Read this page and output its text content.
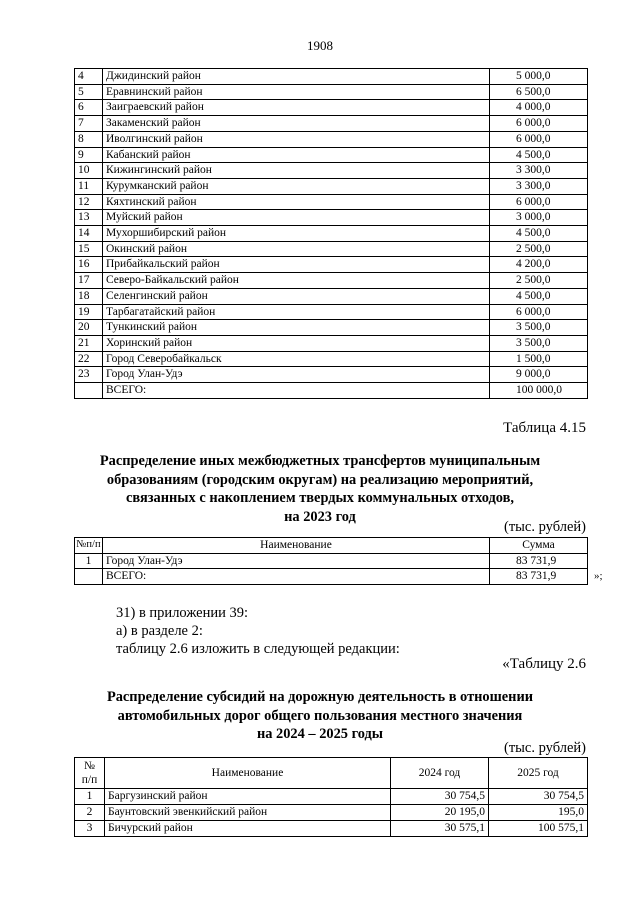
1908
4	Джидинский район	5 000,0
5	Еравнинский район	6 500,0
6	Заиграевский район	4 000,0
7	Закаменский район	6 000,0
8	Иволгинский район	6 000,0
9	Кабанский район	4 500,0
10	Кижингинский район	3 300,0
11	Курумканский район	3 300,0
12	Кяхтинский район	6 000,0
13	Муйский район	3 000,0
14	Мухоршибирский район	4 500,0
15	Окинский район	2 500,0
16	Прибайкальский район	4 200,0
17	Северо-Байкальский район	2 500,0
18	Селенгинский район	4 500,0
19	Тарбагатайский район	6 000,0
20	Тункинский район	3 500,0
21	Хоринский район	3 500,0
22	Город Северобайкальск	1 500,0
23	Город Улан-Удэ	9 000,0
	ВСЕГО:	100 000,0
Таблица 4.15
Распределение иных межбюджетных трансфертов муниципальным
образованиям (городским округам) на реализацию мероприятий,
связанных с накоплением твердых коммунальных отходов,
на 2023 год
(тыс. рублей)
№п/п	Наименование	Сумма
1	Город Улан-Удэ	83 731,9
	ВСЕГО:	83 731,9	»;
31) в приложении 39:
а) в разделе 2:
таблицу 2.6 изложить в следующей редакции:
«Таблицу 2.6
Распределение субсидий на дорожную деятельность в отношении
автомобильных дорог общего пользования местного значения
на 2024 – 2025 годы
(тыс. рублей)
№
п/п	Наименование	2024 год	2025 год
1	Баргузинский район	30 754,5	30 754,5
2	Баунтовский эвенкийский район	20 195,0	195,0
3	Бичурский район	30 575,1	100 575,1
